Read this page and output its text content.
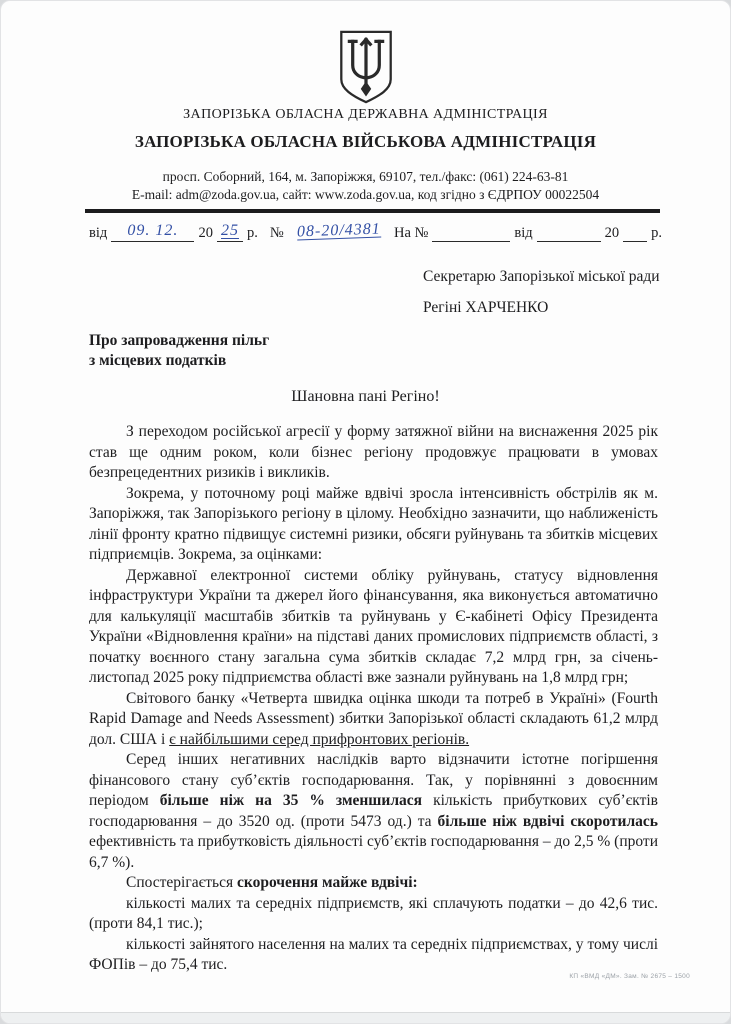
ЗАПОРІЗЬКА ОБЛАСНА ДЕРЖАВНА АДМІНІСТРАЦІЯ
ЗАПОРІЗЬКА ОБЛАСНА ВІЙСЬКОВА АДМІНІСТРАЦІЯ
просп. Соборний, 164, м. Запоріжжя, 69107, тел./факс: (061) 224-63-81
E-mail: adm@zoda.gov.ua, сайт: www.zoda.gov.ua, код згідно з ЄДРПОУ 00022504
від	09. 12.	20 25 р. № 08-20/4381 На №	від	20 р.
Секретарю Запорізької міської ради
Регіні ХАРЧЕНКО
Про запровадження пільг
з місцевих податків
Шановна пані Регіно!

З переходом російської агресії у форму затяжної війни на виснаження 2025 рік став ще одним роком, коли бізнес регіону продовжує працювати в умовах безпрецедентних ризиків і викликів.

Зокрема, у поточному році майже вдвічі зросла інтенсивність обстрілів як м. Запоріжжя, так Запорізького регіону в цілому. Необхідно зазначити, що наближеність лінії фронту кратно підвищує системні ризики, обсяги руйнувань та збитків місцевих підприємців. Зокрема, за оцінками:

Державної електронної системи обліку руйнувань, статусу відновлення інфраструктури України та джерел його фінансування, яка виконується автоматично для калькуляції масштабів збитків та руйнувань у Є-кабінеті Офісу Президента України «Відновлення країни» на підставі даних промислових підприємств області, з початку воєнного стану загальна сума збитків складає 7,2 млрд грн, за січень-листопад 2025 року підприємства області вже зазнали руйнувань на 1,8 млрд грн;

Світового банку «Четверта швидка оцінка шкоди та потреб в Україні» (Fourth Rapid Damage and Needs Assessment) збитки Запорізької області складають 61,2 млрд дол. США і є найбільшими серед прифронтових регіонів.

Серед інших негативних наслідків варто відзначити істотне погіршення фінансового стану суб’єктів господарювання. Так, у порівнянні з довоєнним періодом більше ніж на 35 % зменшилася кількість прибуткових суб’єктів господарювання – до 3520 од. (проти 5473 од.) та більше ніж вдвічі скоротилась ефективність та прибутковість діяльності суб’єктів господарювання – до 2,5 % (проти 6,7 %).

Спостерігається скорочення майже вдвічі:

кількості малих та середніх підприємств, які сплачують податки – до 42,6 тис. (проти 84,1 тис.);

кількості зайнятого населення на малих та середніх підприємствах, у тому числі ФОПів – до 75,4 тис.

КП «ВМД «ДМ». Зам. № 2675 – 1500
